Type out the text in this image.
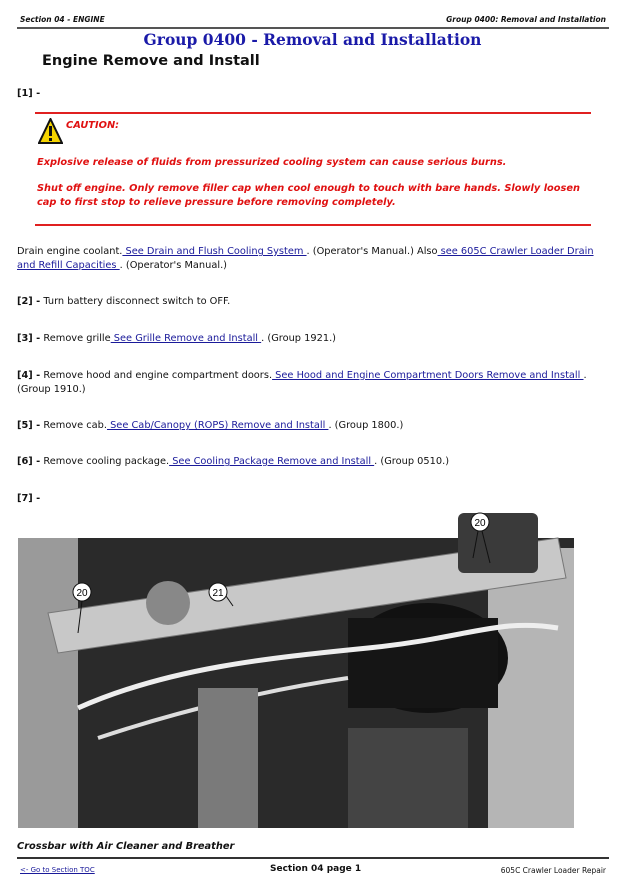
Section 04 - ENGINE	Group 0400: Removal and Installation
Group 0400 - Removal and Installation
Engine Remove and Install
[1] -
CAUTION:
Explosive release of fluids from pressurized cooling system can cause serious burns.
Shut off engine. Only remove filler cap when cool enough to touch with bare hands. Slowly loosen cap to first stop to relieve pressure before removing completely.
Drain engine coolant. See Drain and Flush Cooling System . (Operator's Manual.) Also see 605C Crawler Loader Drain and Refill Capacities . (Operator's Manual.)
[2] - Turn battery disconnect switch to OFF.
[3] - Remove grille See Grille Remove and Install . (Group 1921.)
[4] - Remove hood and engine compartment doors. See Hood and Engine Compartment Doors Remove and Install . (Group 1910.)
[5] - Remove cab. See Cab/Canopy (ROPS) Remove and Install . (Group 1800.)
[6] - Remove cooling package. See Cooling Package Remove and Install . (Group 0510.)
[7] -
20	21
20
Crossbar with Air Cleaner and Breather
<- Go to Section TOC	Section 04 page 1	605C Crawler Loader Repair
